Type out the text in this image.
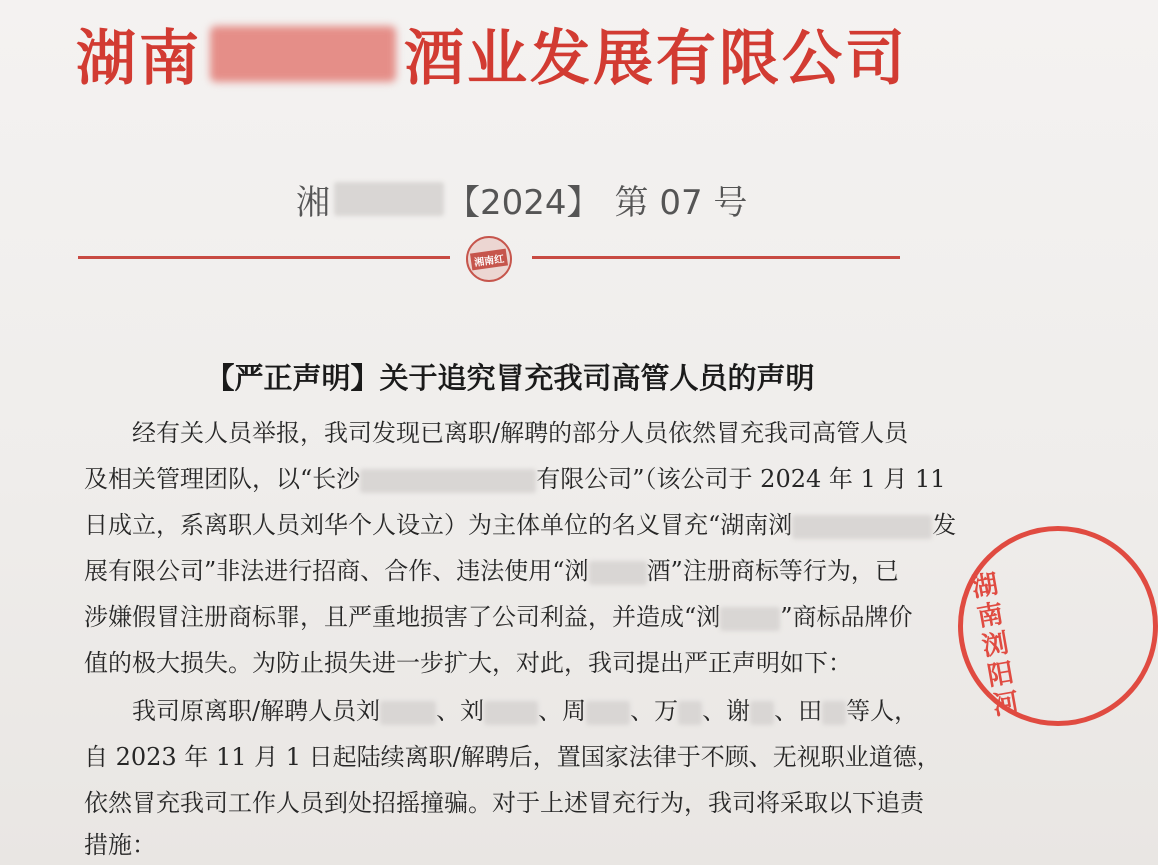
湖南	酒业发展有限公司
湘	【2024】 第 07 号
湘南红
【严正声明】关于追究冒充我司高管人员的声明
经有关人员举报，我司发现已离职/解聘的部分人员依然冒充我司高管人员
及相关管理团队，以“长沙	有限公司”（该公司于 2024 年 1 月 11
日成立，系离职人员刘华个人设立）为主体单位的名义冒充“湖南浏	发
展有限公司”非法进行招商、合作、违法使用“浏 酒”注册商标等行为，已
涉嫌假冒注册商标罪，且严重地损害了公司利益，并造成“浏	”商标品牌价
值的极大损失。为防止损失进一步扩大，对此，我司提出严正声明如下：
我司原离职/解聘人员刘 、刘 、周 、万 、谢 、田 等人，
自 2023 年 11 月 1 日起陆续离职/解聘后，置国家法律于不顾、无视职业道德，
依然冒充我司工作人员到处招摇撞骗。对于上述冒充行为，我司将采取以下追责
措施：
湖南浏阳河
